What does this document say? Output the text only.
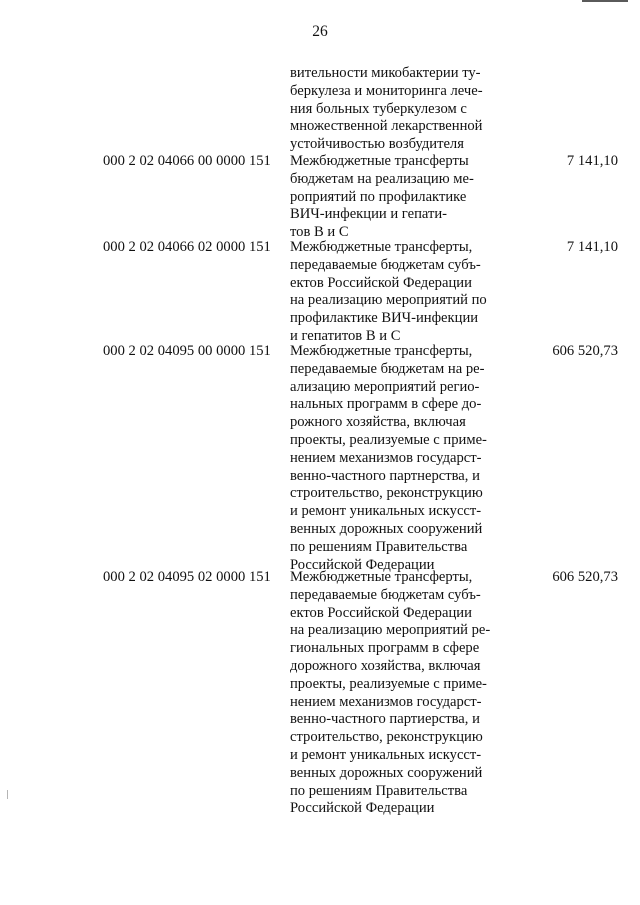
26
вительности микобактерии ту-
беркулеза и мониторинга лече-
ния больных туберкулезом с
множественной лекарственной
устойчивостью возбудителя
000 2 02 04066 00 0000 151 Межбюджетные трансферты
бюджетам на реализацию ме-
роприятий по профилактике
ВИЧ-инфекции и гепати-
тов В и С
7 141,10
000 2 02 04066 02 0000 151 Межбюджетные трансферты,
передаваемые бюджетам субъ-
ектов Российской Федерации
на реализацию мероприятий по
профилактике ВИЧ-инфекции
и гепатитов В и С
7 141,10
000 2 02 04095 00 0000 151 Межбюджетные трансферты,
передаваемые бюджетам на ре-
ализацию мероприятий регио-
нальных программ в сфере до-
рожного хозяйства, включая
проекты, реализуемые с приме-
нением механизмов государст-
венно-частного партнерства, и
строительство, реконструкцию
и ремонт уникальных искусст-
венных дорожных сооружений
по решениям Правительства
Российской Федерации
606 520,73
000 2 02 04095 02 0000 151 Межбюджетные трансферты,
передаваемые бюджетам субъ-
ектов Российской Федерации
на реализацию мероприятий ре-
гиональных программ в сфере
дорожного хозяйства, включая
проекты, реализуемые с приме-
нением механизмов государст-
венно-частного партиерства, и
строительство, реконструкцию
и ремонт уникальных искусст-
венных дорожных сооружений
по решениям Правительства
Российской Федерации
606 520,73
